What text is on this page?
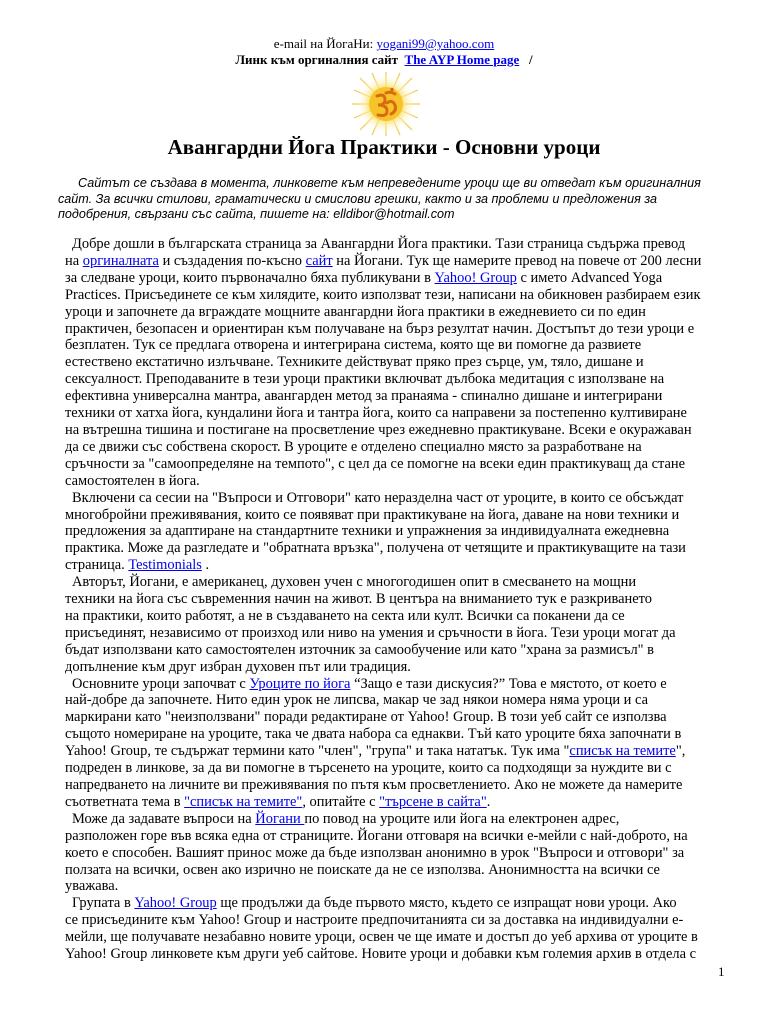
e-mail на ЙогаНи: yogani99@yahoo.com
Линк към оргиналния сайт The AYP Home page /
Авангардни Йога Практики - Основни уроци
Сайтът се създава в момента, линковете към непреведените уроци ще ви отведат към оригиналния
сайт. За всички стилови, граматически и смислови грешки, както и за проблеми и предложения за
подобрения, свързани със сайта, пишете на: elldibor@hotmail.com

Добре дошли в българската страница за Авангардни Йога практики. Тази страница съдържа превод
на оргиналната и създадения по-късно сайт на Йогани. Тук ще намерите превод на повече от 200 лесни
за следване уроци, които първоначално бяха публикувани в Yahoo! Group с името Advanced Yoga
Practices. Присъединете се към хилядите, които използват тези, написани на обикновен разбираем език
уроци и започнете да вграждате мощните авангардни йога практики в ежедневието си по един
практичен, безопасен и ориентиран към получаване на бърз резултат начин. Достъпът до тези уроци е
безплатен. Тук се предлага отворена и интегрирана система, която ще ви помогне да развиете
естествено екстатично излъчване. Техниките действуват пряко през сърце, ум, тяло, дишане и
сексуалност. Преподаваните в тези уроци практики включват дълбока медитация с използване на
ефективна универсална мантра, авангарден метод за пранаяма - спинално дишане и интегрирани
техники от хатха йога, кундалини йога и тантра йога, които са направени за постепенно култивиране
на вътрешна тишина и постигане на просветление чрез ежедневно практикуване. Всеки е окуражаван
да се движи със собствена скорост. В уроците е отделено специално място за разработване на
сръчности за "самоопределяне на темпото", с цел да се помогне на всеки един практикуващ да стане
самостоятелен в йога.

Включени са сесии на "Въпроси и Отговори" като неразделна част от уроците, в които се обсъждат
многобройни преживявания, които се появяват при практикуване на йога, даване на нови техники и
предложения за адаптиране на стандартните техники и упражнения за индивидуалната ежедневна
практика. Може да разгледате и "обратната връзка", получена от четящите и практикуващите на тази
страница. Testimonials .

Авторът, Йогани, е американец, духовен учен с многогодишен опит в смесването на мощни
техники на йога със съвременния начин на живот. В центъра на вниманието тук е разкриването
на практики, които работят, а не в създаването на секта или култ. Всички са поканени да се
присъединят, независимо от произход или ниво на умения и сръчности в йога. Тези уроци могат да
бъдат използвани като самостоятелен източник за самообучение или като "храна за размисъл" в
допълнение към друг избран духовен път или традиция.

Основните уроци започват с Уроците по йога “Защо е тази дискусия?” Това е мястото, от което е
най-добре да започнете. Нито един урок не липсва, макар че зад някои номера няма уроци и са
маркирани като "неизползвани" поради редактиране от Yahoo! Group. В този уеб сайт се използва
същото номериране на уроците, така че двата набора са еднакви. Тъй като уроците бяха започнати в
Yahoo! Group, те съдържат термини като "член", "група" и така нататък. Тук има "списък на темите",
подреден в линкове, за да ви помогне в търсенето на уроците, които са подходящи за нуждите ви с
напредването на личните ви преживявания по пътя към просветлението. Ако не можете да намерите
съответната тема в "списък на темите", опитайте с "търсене в сайта".

Може да задавате въпроси на Йогани по повод на уроците или йога на електронен адрес,
разположен горе във всяка една от страниците. Йогани отговаря на всички е-мейли с най-доброто, на
което е способен. Вашият принос може да бъде използван анонимно в урок "Въпроси и отговори" за
ползата на всички, освен ако изрично не поискате да не се използва. Анонимността на всички се
уважава.

Групата в Yahoo! Group ще продължи да бъде първото място, където се изпращат нови уроци. Ако
се присъедините към Yahoo! Group и настроите предпочитанията си за доставка на индивидуални е-
мейли, ще получавате незабавно новите уроци, освен че ще имате и достъп до уеб архива от уроците в
Yahoo! Group линковете към други уеб сайтове. Новите уроци и добавки към големия архив в отдела с

1
